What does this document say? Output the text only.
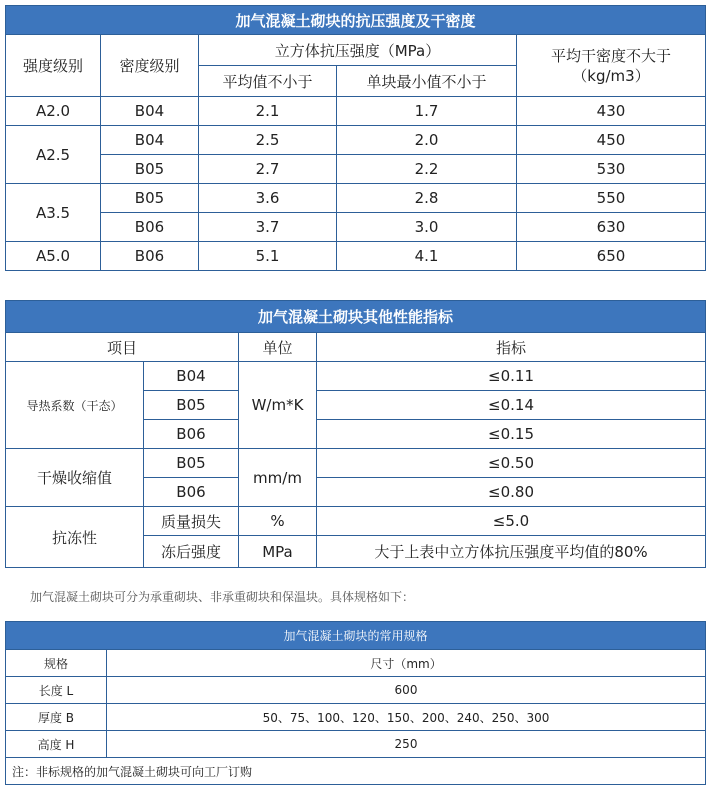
加气混凝土砌块的抗压强度及干密度				
强度级别	密度级别	立方体抗压强度（MPa）		平均干密度不大于（kg/m3）
		平均值不小于	单块最小值不小于	
A2.0	B04	2.1	1.7	430
A2.5	B04	2.5	2.0	450
	B05	2.7	2.2	530
A3.5	B05	3.6	2.8	550
	B06	3.7	3.0	630
A5.0	B06	5.1	4.1	650
加气混凝土砌块其他性能指标			
项目		单位	指标
导热系数（干态）	B04	W/m*K	≤0.11
	B05		≤0.14
	B06		≤0.15
干燥收缩值	B05	mm/m	≤0.50
	B06		≤0.80
抗冻性	质量损失	%	≤5.0
	冻后强度	MPa	大于上表中立方体抗压强度平均值的80%
加气混凝土砌块可分为承重砌块、非承重砌块和保温块。具体规格如下：
加气混凝土砌块的常用规格	
规格	尺寸（mm）
长度 L	600
厚度 B	50、75、100、120、150、200、240、250、300
高度 H	250
注：非标规格的加气混凝土砌块可向工厂订购	
